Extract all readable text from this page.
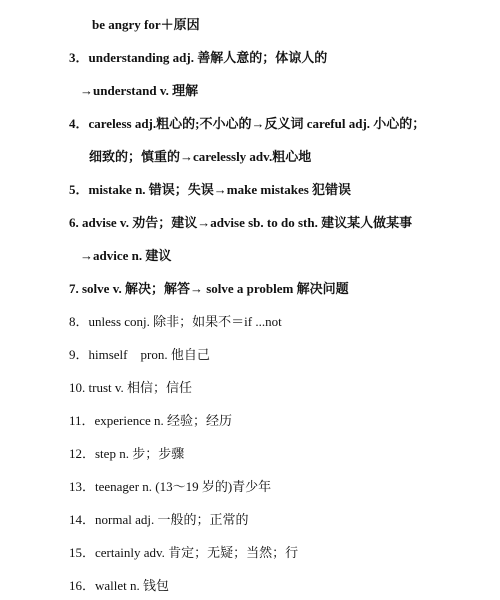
be angry for＋原因
3．understanding adj. 善解人意的；体谅人的
→understand v. 理解
4．careless adj.粗心的;不小心的→反义词 careful adj. 小心的；
细致的；慎重的→carelessly adv.粗心地
5．mistake n. 错误；失误→make mistakes 犯错误
6. advise v. 劝告；建议→advise sb. to do sth. 建议某人做某事
→advice n. 建议
7. solve v. 解决；解答→ solve a problem 解决问题
8．unless conj. 除非；如果不＝if ...not
9．himself　pron. 他自己
10. trust v. 相信；信任
11．experience n. 经验；经历
12．step n. 步；步骤
13．teenager n. (13～19 岁的)青少年
14．normal adj. 一般的；正常的
15．certainly adv. 肯定；无疑；当然；行
16．wallet n. 钱包
